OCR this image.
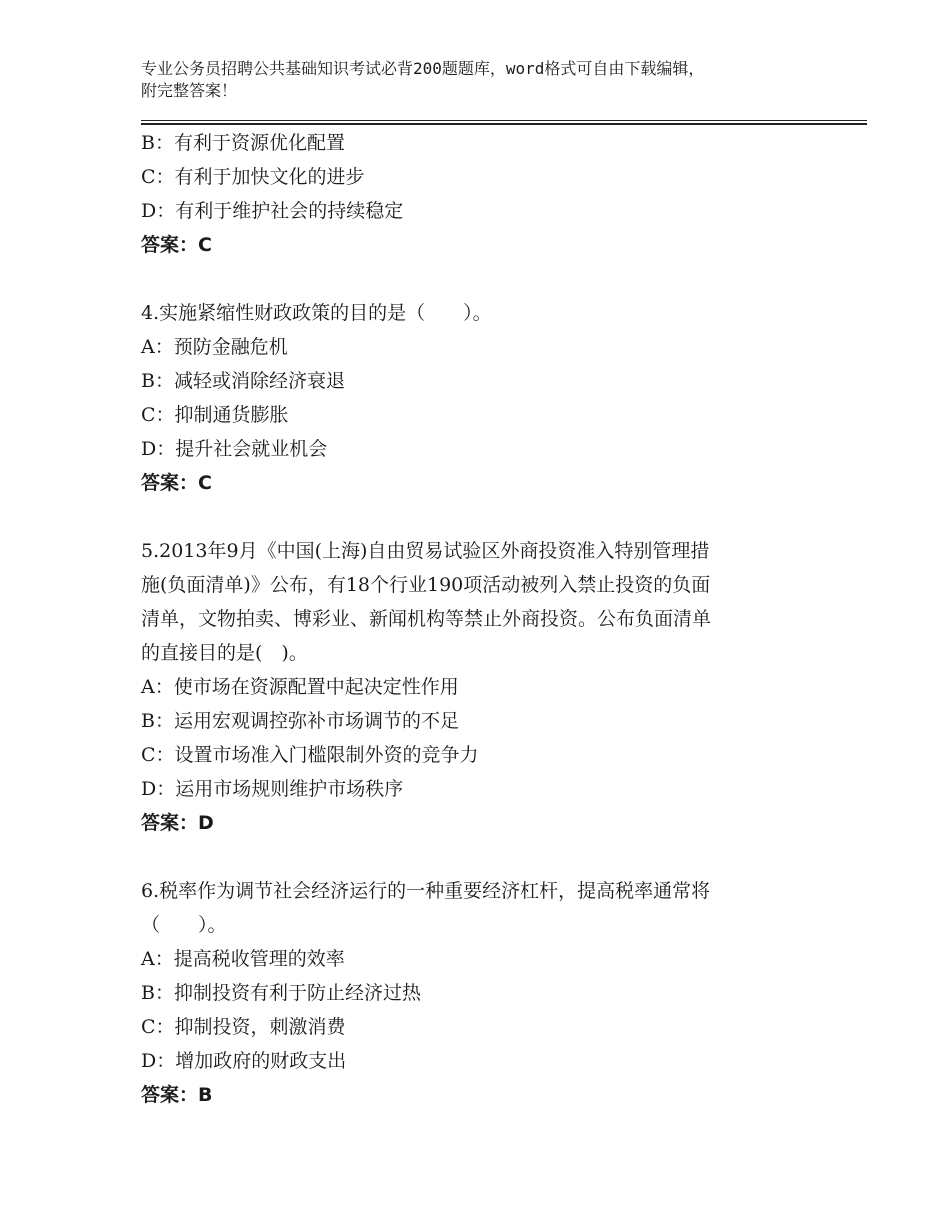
专业公务员招聘公共基础知识考试必背200题题库，word格式可自由下载编辑，
附完整答案！
B：有利于资源优化配置
C：有利于加快文化的进步
D：有利于维护社会的持续稳定
答案：C
4.实施紧缩性财政政策的目的是（　　）。
A：预防金融危机
B：减轻或消除经济衰退
C：抑制通货膨胀
D：提升社会就业机会
答案：C
5.2013年9月《中国(上海)自由贸易试验区外商投资准入特别管理措
施(负面清单)》公布，有18个行业190项活动被列入禁止投资的负面
清单，文物拍卖、博彩业、新闻机构等禁止外商投资。公布负面清单
的直接目的是(　)。
A：使市场在资源配置中起决定性作用
B：运用宏观调控弥补市场调节的不足
C：设置市场准入门槛限制外资的竞争力
D：运用市场规则维护市场秩序
答案：D
6.税率作为调节社会经济运行的一种重要经济杠杆，提高税率通常将
（　　）。
A：提高税收管理的效率
B：抑制投资有利于防止经济过热
C：抑制投资，刺激消费
D：增加政府的财政支出
答案：B
